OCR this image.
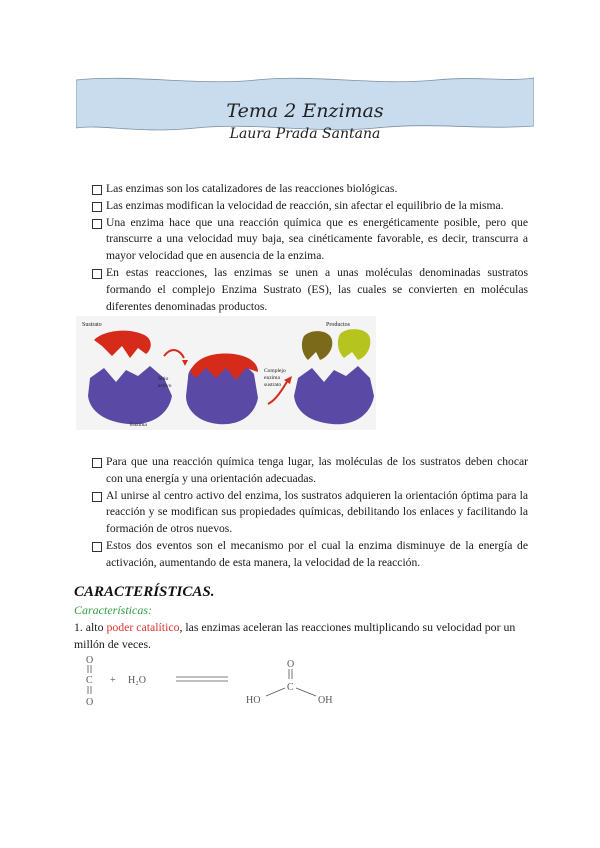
Tema 2 Enzimas
Laura Prada Santana
Las enzimas son los catalizadores de las reacciones biológicas.
Las enzimas modifican la velocidad de reacción, sin afectar el equilibrio de la misma.
Una enzima hace que una reacción química que es energéticamente posible, pero que transcurre a una velocidad muy baja, sea cinéticamente favorable, es decir, transcurra a mayor velocidad que en ausencia de la enzima.
En estas reacciones, las enzimas se unen a unas moléculas denominadas sustratos formando el complejo Enzima Sustrato (ES), las cuales se convierten en moléculas diferentes denominadas productos.
Sustrato
Sitio
activo
Enzima
Complejo
enzima
sustrato
Productos
Para que una reacción química tenga lugar, las moléculas de los sustratos deben chocar con una energía y una orientación adecuadas.
Al unirse al centro activo del enzima, los sustratos adquieren la orientación óptima para la reacción y se modifican sus propiedades químicas, debilitando los enlaces y facilitando la formación de otros nuevos.
Estos dos eventos son el mecanismo por el cual la enzima disminuye de la energía de activación, aumentando de esta manera, la velocidad de la reacción.
CARACTERÍSTICAS.
Características:
1. alto poder catalítico, las enzimas aceleran las reacciones multiplicando su velocidad por un millón de veces.
O
C
O
+ H₂O
O
C
HO	OH
